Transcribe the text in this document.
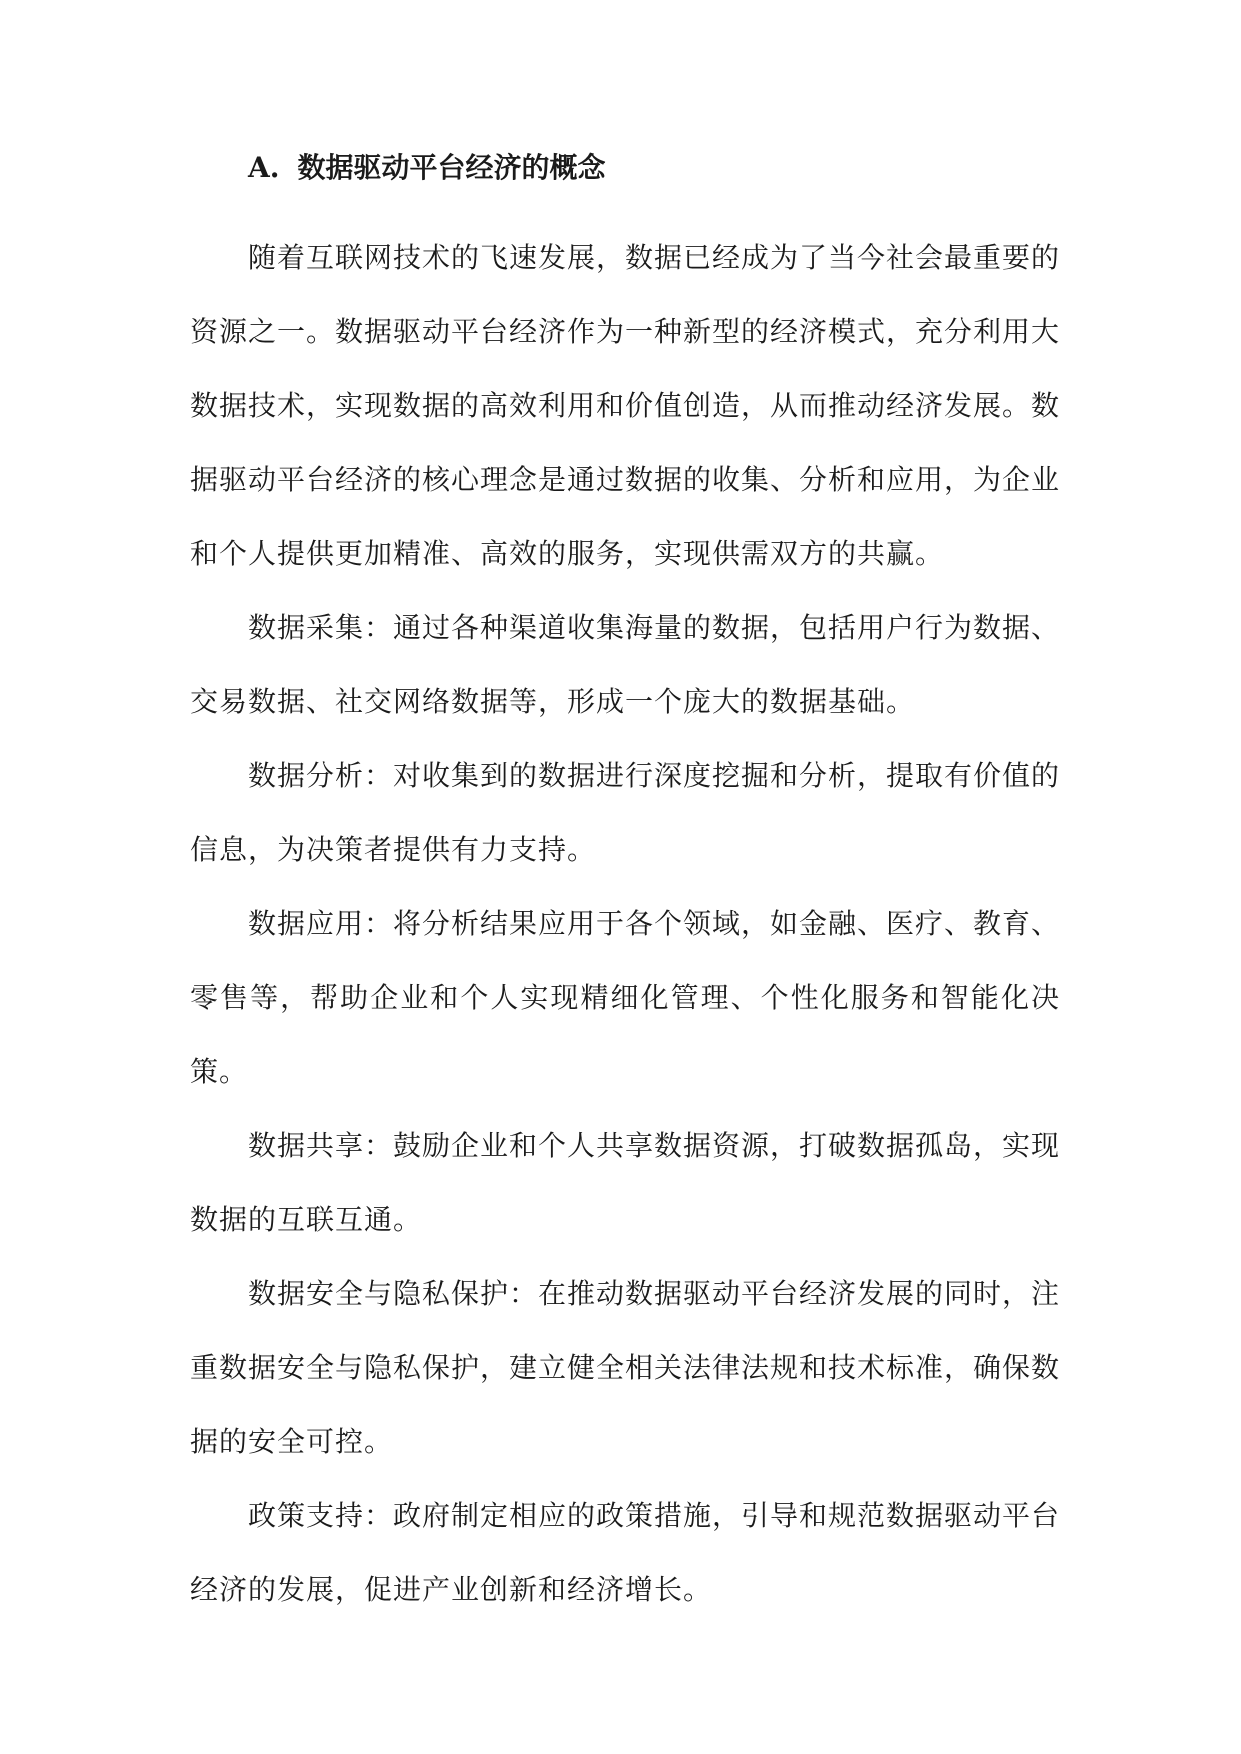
A. 数据驱动平台经济的概念

随着互联网技术的飞速发展，数据已经成为了当今社会最重要的资源之一。数据驱动平台经济作为一种新型的经济模式，充分利用大数据技术，实现数据的高效利用和价值创造，从而推动经济发展。数据驱动平台经济的核心理念是通过数据的收集、分析和应用，为企业和个人提供更加精准、高效的服务，实现供需双方的共赢。

数据采集：通过各种渠道收集海量的数据，包括用户行为数据、交易数据、社交网络数据等，形成一个庞大的数据基础。

数据分析：对收集到的数据进行深度挖掘和分析，提取有价值的信息，为决策者提供有力支持。

数据应用：将分析结果应用于各个领域，如金融、医疗、教育、零售等，帮助企业和个人实现精细化管理、个性化服务和智能化决策。

数据共享：鼓励企业和个人共享数据资源，打破数据孤岛，实现数据的互联互通。

数据安全与隐私保护：在推动数据驱动平台经济发展的同时，注重数据安全与隐私保护，建立健全相关法律法规和技术标准，确保数据的安全可控。

政策支持：政府制定相应的政策措施，引导和规范数据驱动平台经济的发展，促进产业创新和经济增长。
